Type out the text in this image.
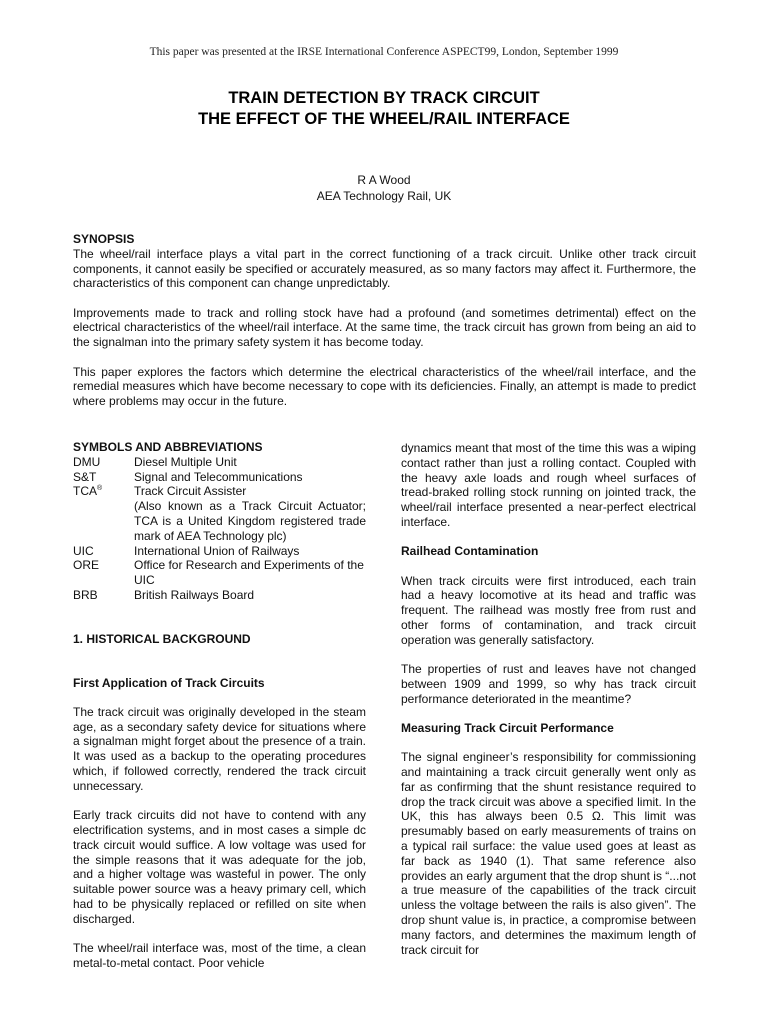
This paper was presented at the IRSE International Conference ASPECT99, London, September 1999
TRAIN DETECTION BY TRACK CIRCUIT
THE EFFECT OF THE WHEEL/RAIL INTERFACE
R A Wood
AEA Technology Rail, UK
SYNOPSIS

The wheel/rail interface plays a vital part in the correct functioning of a track circuit. Unlike other track circuit components, it cannot easily be specified or accurately measured, as so many factors may affect it. Furthermore, the characteristics of this component can change unpredictably.

Improvements made to track and rolling stock have had a profound (and sometimes detrimental) effect on the electrical characteristics of the wheel/rail interface. At the same time, the track circuit has grown from being an aid to the signalman into the primary safety system it has become today.

This paper explores the factors which determine the electrical characteristics of the wheel/rail interface, and the remedial measures which have become necessary to cope with its deficiencies. Finally, an attempt is made to predict where problems may occur in the future.

SYMBOLS AND ABBREVIATIONS
DMU	Diesel Multiple Unit
S&T	Signal and Telecommunications
TCA®	Track Circuit Assister
(Also known as a Track Circuit Actuator; TCA is a United Kingdom registered trade mark of AEA Technology plc)
UIC	International Union of Railways
ORE	Office for Research and Experiments of the UIC
BRB	British Railways Board
1. HISTORICAL BACKGROUND
First Application of Track Circuits

The track circuit was originally developed in the steam age, as a secondary safety device for situations where a signalman might forget about the presence of a train. It was used as a backup to the operating procedures which, if followed correctly, rendered the track circuit unnecessary.

Early track circuits did not have to contend with any electrification systems, and in most cases a simple dc track circuit would suffice. A low voltage was used for the simple reasons that it was adequate for the job, and a higher voltage was wasteful in power. The only suitable power source was a heavy primary cell, which had to be physically replaced or refilled on site when discharged.

The wheel/rail interface was, most of the time, a clean metal-to-metal contact. Poor vehicle

dynamics meant that most of the time this was a wiping contact rather than just a rolling contact. Coupled with the heavy axle loads and rough wheel surfaces of tread-braked rolling stock running on jointed track, the wheel/rail interface presented a near-perfect electrical interface.

Railhead Contamination

When track circuits were first introduced, each train had a heavy locomotive at its head and traffic was frequent. The railhead was mostly free from rust and other forms of contamination, and track circuit operation was generally satisfactory.

The properties of rust and leaves have not changed between 1909 and 1999, so why has track circuit performance deteriorated in the meantime?

Measuring Track Circuit Performance

The signal engineer’s responsibility for commissioning and maintaining a track circuit generally went only as far as confirming that the shunt resistance required to drop the track circuit was above a specified limit. In the UK, this has always been 0.5 Ω. This limit was presumably based on early measurements of trains on a typical rail surface: the value used goes at least as far back as 1940 (1). That same reference also provides an early argument that the drop shunt is “...not a true measure of the capabilities of the track circuit unless the voltage between the rails is also given”. The drop shunt value is, in practice, a compromise between many factors, and determines the maximum length of track circuit for
